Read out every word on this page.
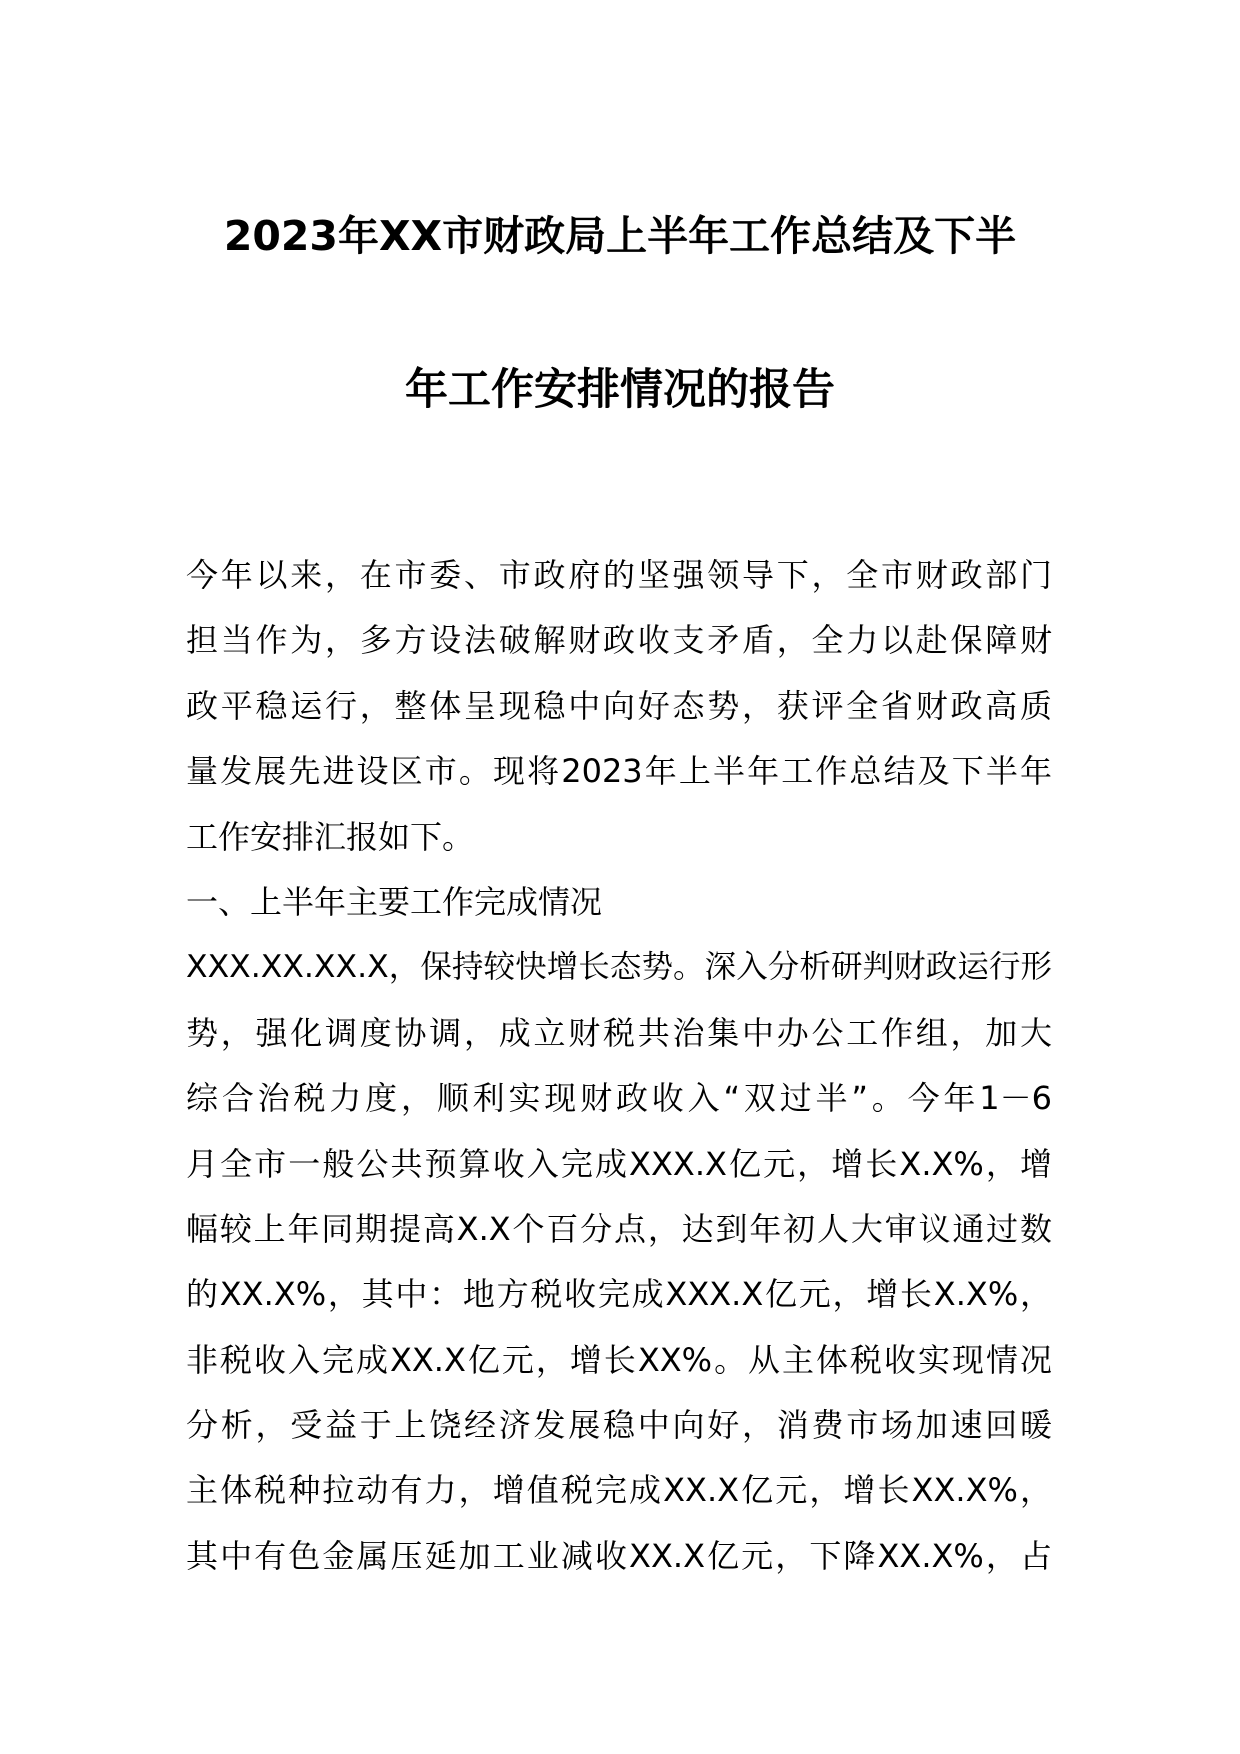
2023年XX市财政局上半年工作总结及下半
年工作安排情况的报告
今年以来，在市委、市政府的坚强领导下，全市财政部门
担当作为，多方设法破解财政收支矛盾，全力以赴保障财
政平稳运行，整体呈现稳中向好态势，获评全省财政高质
量发展先进设区市。现将2023年上半年工作总结及下半年
工作安排汇报如下。
一、上半年主要工作完成情况
XXX.XX.XX.X，保持较快增长态势。深入分析研判财政运行形
势，强化调度协调，成立财税共治集中办公工作组，加大
综合治税力度，顺利实现财政收入“双过半”。今年1－6
月全市一般公共预算收入完成XXX.X亿元，增长X.X%，增
幅较上年同期提高X.X个百分点，达到年初人大审议通过数
的XX.X%，其中：地方税收完成XXX.X亿元，增长X.X%，
非税收入完成XX.X亿元，增长XX%。从主体税收实现情况
分析，受益于上饶经济发展稳中向好，消费市场加速回暖
主体税种拉动有力，增值税完成XX.X亿元，增长XX.X%，
其中有色金属压延加工业减收XX.X亿元，下降XX.X%，占
